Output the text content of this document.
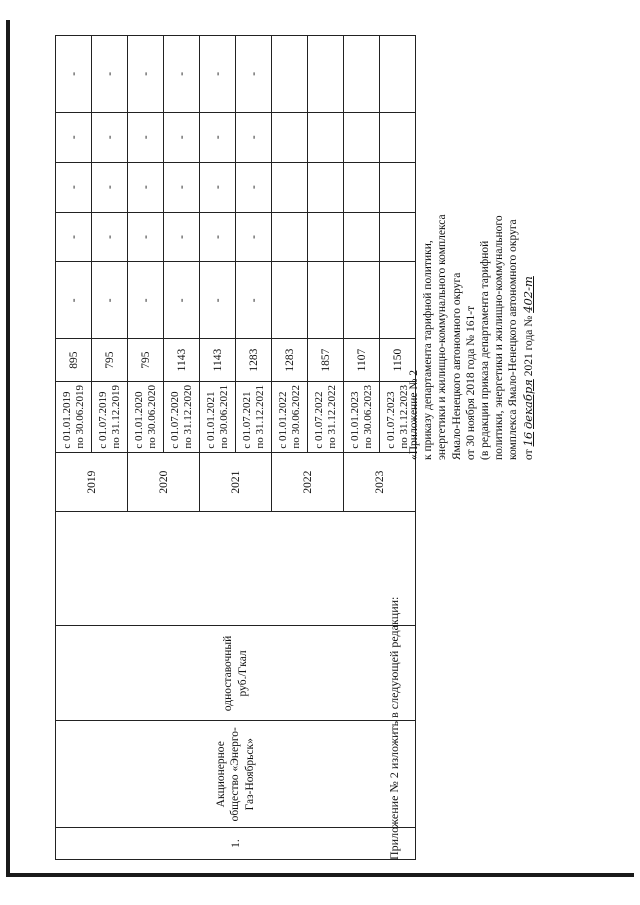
1.	Акционерное общество «Энерго-Газ-Ноябрьск»	одноставочный руб./Гкал		2019	с 01.01.2019 по 30.06.2019	895	-	-	-	-	-

					с 01.07.2019 по 31.12.2019	795	-	-	-	-	-
				2020	с 01.01.2020 по 30.06.2020	795	-	-	-	-	-

					с 01.07.2020 по 31.12.2020	1143	-	-	-	-	-
				2021	с 01.01.2021 по 30.06.2021	1143	-	-	-	-	-

					с 01.07.2021 по 31.12.2021	1283	-	-	-	-	-
				2022	с 01.01.2022 по 30.06.2022	1283					

					с 01.07.2022 по 31.12.2022	1857					
				2023	с 01.01.2023 по 30.06.2023	1107					

					с 01.07.2023 по 31.12.2023	1150					
Приложение № 2 изложить в следующей редакции:
«Приложение № 2 к приказу департамента тарифной политики, энергетики и жилищно-коммунального комплекса Ямало-Ненецкого автономного округа от 30 ноября 2018 года № 161-т (в редакции приказа департамента тарифной политики, энергетики и жилищно-коммунального комплекса Ямало-Ненецкого автономного округа от 16 декабря 2021 года № 402-т
